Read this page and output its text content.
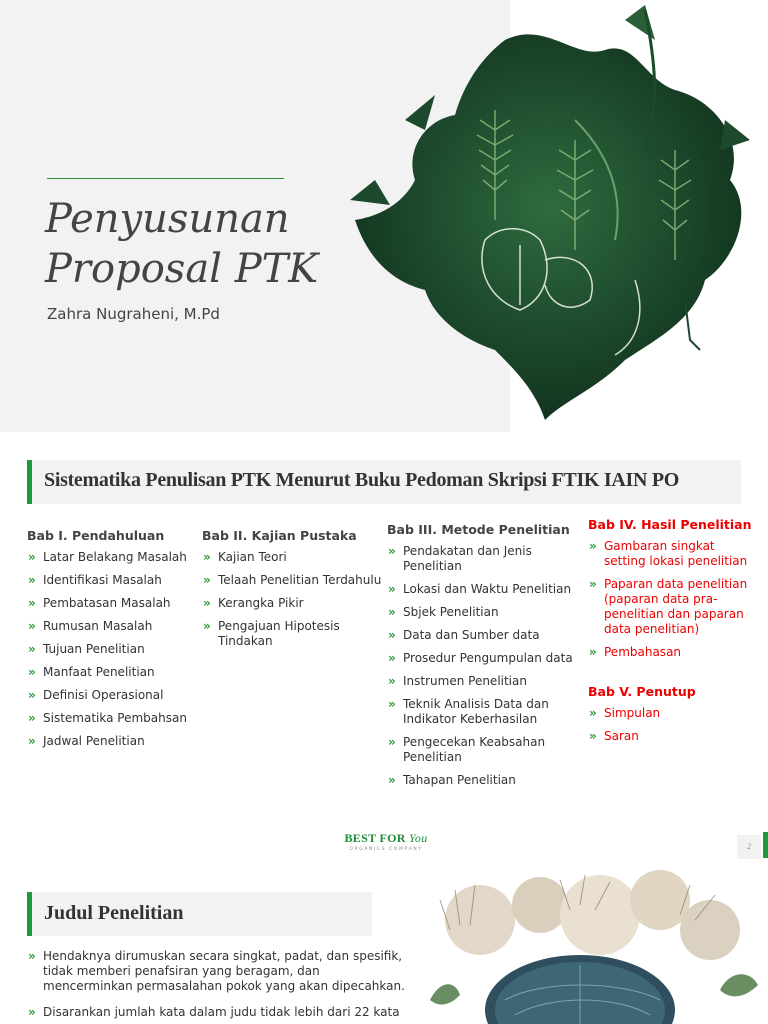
Penyusunan
Proposal PTK
Zahra Nugraheni, M.Pd
Sistematika Penulisan PTK Menurut Buku Pedoman Skripsi FTIK IAIN PO
Bab I. Pendahuluan
» Latar Belakang Masalah
» Identifikasi Masalah
» Pembatasan Masalah
» Rumusan Masalah
» Tujuan Penelitian
» Manfaat Penelitian
» Definisi Operasional
» Sistematika Pembahsan
» Jadwal Penelitian
Bab II. Kajian Pustaka
» Kajian Teori
» Telaah Penelitian Terdahulu
» Kerangka Pikir
» Pengajuan Hipotesis Tindakan
Bab III. Metode Penelitian
» Pendakatan dan Jenis Penelitian
» Lokasi dan Waktu Penelitian
» Sbjek Penelitian
» Data dan Sumber data
» Prosedur Pengumpulan data
» Instrumen Penelitian
» Teknik Analisis Data dan Indikator Keberhasilan
» Pengecekan Keabsahan Penelitian
» Tahapan Penelitian
Bab IV. Hasil Penelitian
» Gambaran singkat setting lokasi penelitian
» Paparan data penelitian (paparan data pra-penelitian dan paparan data penelitian)
» Pembahasan
Bab V. Penutup
» Simpulan
» Saran
BEST FOR You
ORGANICS COMPANY	2
Judul Penelitian
» Hendaknya dirumuskan secara singkat, padat, dan spesifik, tidak memberi penafsiran yang beragam, dan mencerminkan permasalahan pokok yang akan dipecahkan.
» Disarankan jumlah kata dalam judu tidak lebih dari 22 kata
